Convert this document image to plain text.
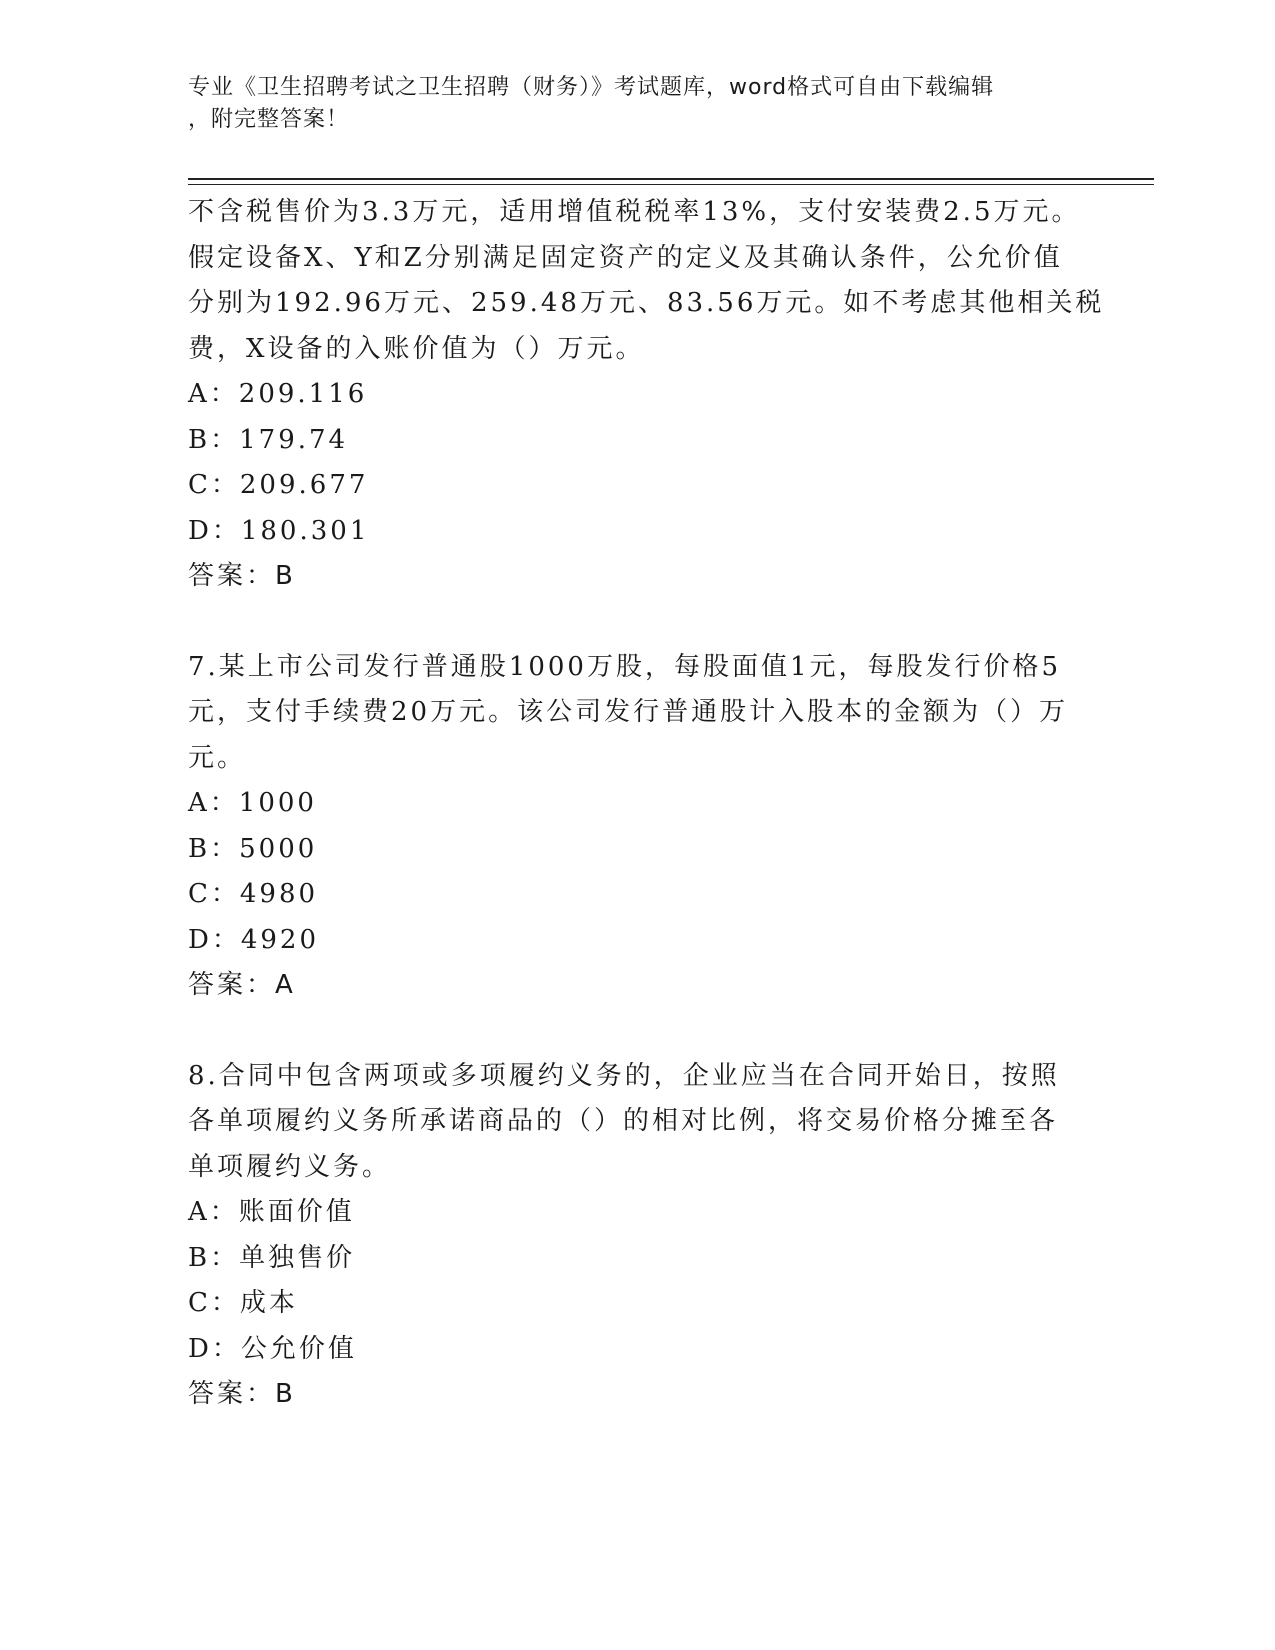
专业《卫生招聘考试之卫生招聘（财务）》考试题库，word格式可自由下载编辑
，附完整答案！
不含税售价为3.3万元，适用增值税税率13%，支付安装费2.5万元。
假定设备X、Y和Z分别满足固定资产的定义及其确认条件，公允价值
分别为192.96万元、259.48万元、83.56万元。如不考虑其他相关税
费，X设备的入账价值为（）万元。
A：209.116
B：179.74
C：209.677
D：180.301
答案：B
7.某上市公司发行普通股1000万股，每股面值1元，每股发行价格5
元，支付手续费20万元。该公司发行普通股计入股本的金额为（）万
元。
A：1000
B：5000
C：4980
D：4920
答案：A
8.合同中包含两项或多项履约义务的，企业应当在合同开始日，按照
各单项履约义务所承诺商品的（）的相对比例，将交易价格分摊至各
单项履约义务。
A：账面价值
B：单独售价
C：成本
D：公允价值
答案：B
